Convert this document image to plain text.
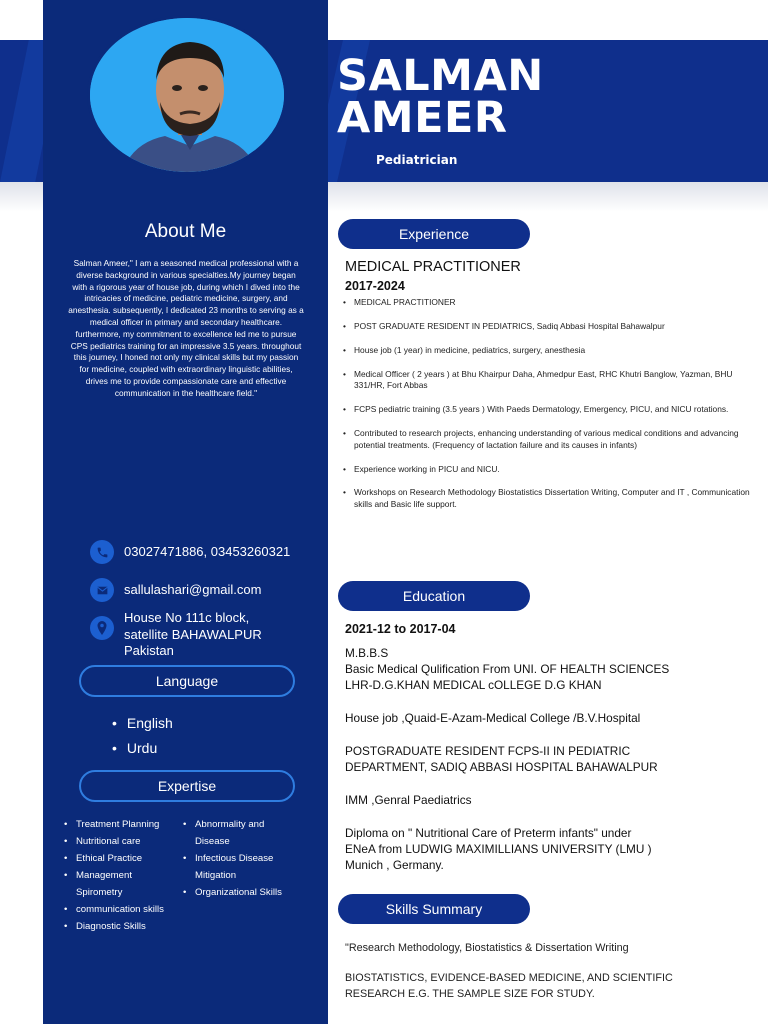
SALMAN
AMEER
Pediatrician
About Me
Salman Ameer," I am a seasoned medical professional with a diverse background in various specialties.My journey began with a rigorous year of house job, during which I dived into the intricacies of medicine, pediatric medicine, surgery, and anesthesia. subsequently, I dedicated 23 months to serving as a medical officer in primary and secondary healthcare. furthermore, my commitment to excellence led me to pursue CPS pediatrics training for an impressive 3.5 years. throughout this journey, I honed not only my clinical skills but my passion for medicine, coupled with extraordinary linguistic abilities, drives me to provide compassionate care and effective communication in the healthcare field."
03027471886, 03453260321
sallulashari@gmail.com
House No 111c block,
satellite BAHAWALPUR
Pakistan
Language
• English
• Urdu
Expertise
• Treatment Planning
• Nutritional care
• Ethical Practice
• Management
Spirometry
• communication skills
• Diagnostic Skills
• Abnormality and
Disease
• Infectious Disease
Mitigation
• Organizational Skills
Experience
MEDICAL PRACTITIONER
2017-2024
• MEDICAL PRACTITIONER
• POST GRADUATE RESIDENT IN PEDIATRICS, Sadiq Abbasi Hospital Bahawalpur
• House job (1 year) in medicine, pediatrics, surgery, anesthesia
• Medical Officer ( 2 years ) at Bhu Khairpur Daha, Ahmedpur East, RHC Khutri Banglow, Yazman, BHU 331/HR, Fort Abbas
• FCPS pediatric training (3.5 years ) With Paeds Dermatology, Emergency, PICU, and NICU rotations.
• Contributed to research projects, enhancing understanding of various medical conditions and advancing potential treatments. (Frequency of lactation failure and its causes in infants)
• Experience working in PICU and NICU.
• Workshops on Research Methodology Biostatistics Dissertation Writing, Computer and IT , Communication skills and Basic life support.
Education
2021-12 to 2017-04
M.B.B.S
Basic Medical Qulification From UNI. OF HEALTH SCIENCES
LHR-D.G.KHAN MEDICAL cOLLEGE D.G KHAN
House job ,Quaid-E-Azam-Medical College /B.V.Hospital
POSTGRADUATE RESIDENT FCPS-II IN PEDIATRIC
DEPARTMENT, SADIQ ABBASI HOSPITAL BAHAWALPUR
IMM ,Genral Paediatrics
Diploma on " Nutritional Care of Preterm infants" under
ENeA from LUDWIG MAXIMILLIANS UNIVERSITY (LMU )
Munich , Germany.
Skills Summary
"Research Methodology, Biostatistics & Dissertation Writing
BIOSTATISTICS, EVIDENCE-BASED MEDICINE, AND SCIENTIFIC
RESEARCH E.G. THE SAMPLE SIZE FOR STUDY.
